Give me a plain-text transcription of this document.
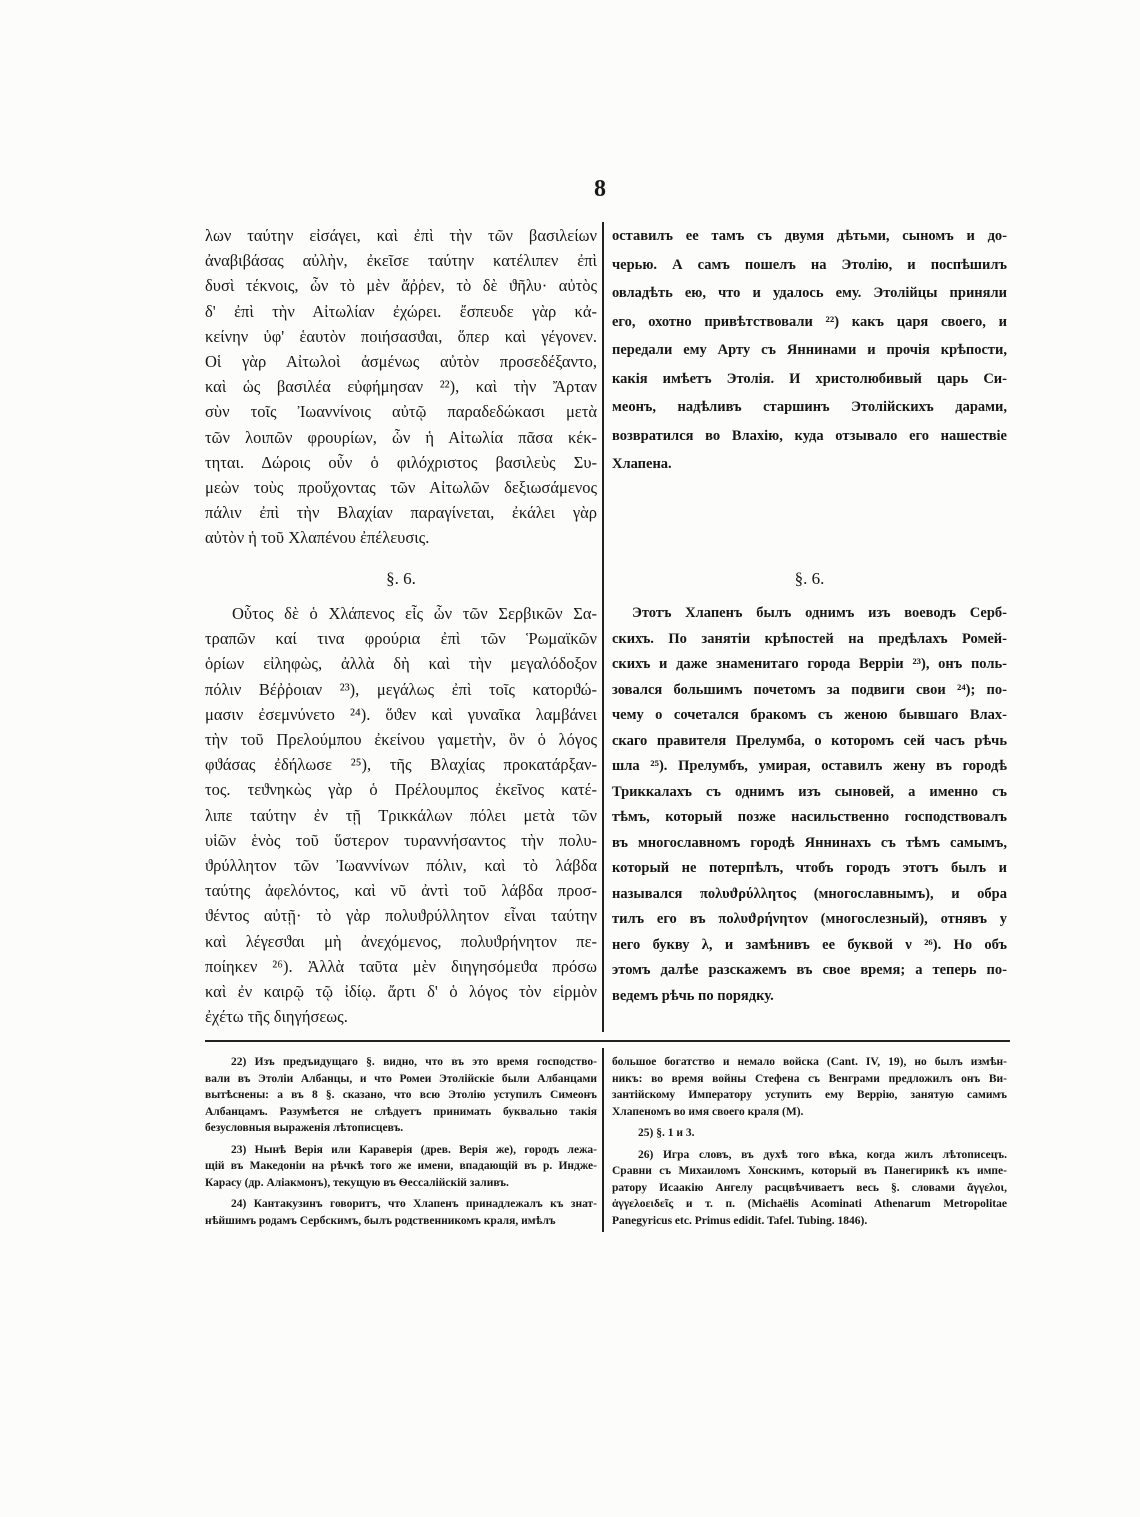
8
λων ταύτην εἰσάγει, καὶ ἐπὶ τὴν τῶν βασιλείων
ἀναβιβάσας αὐλὴν, ἐκεῖσε ταύτην κατέλιπεν ἐπὶ
δυσὶ τέκνοις, ὧν τὸ μὲν ἄῤῥεν, τὸ δὲ ϑῆλυ· αὐτὸς
δ' ἐπὶ τὴν Αἰτωλίαν ἐχώρει. ἔσπευδε γὰρ κἀ-
κείνην ὑφ' ἑαυτὸν ποιήσασϑαι, ὅπερ καὶ γέγονεν.
Οἱ γὰρ Αἰτωλοὶ ἀσμένως αὐτὸν προσεδέξαντο,
καὶ ὡς βασιλέα εὐφήμησαν ²²), καὶ τὴν Ἄρταν
σὺν τοῖς Ἰωαννίνοις αὐτῷ παραδεδώκασι μετὰ
τῶν λοιπῶν φρουρίων, ὧν ἡ Αἰτωλία πᾶσα κέκ-
τηται. Δώροις οὖν ὁ φιλόχριστος βασιλεὺς Συ-
μεὼν τοὺς προὔχοντας τῶν Αἰτωλῶν δεξιωσάμενος
πάλιν ἐπὶ τὴν Βλαχίαν παραγίνεται, ἐκάλει γὰρ
αὐτὸν ἡ τοῦ Χλαπένου ἐπέλευσις.
§. 6.
Οὗτος δὲ ὁ Χλάπενος εἷς ὧν τῶν Σερβικῶν Σα-
τραπῶν καί τινα φρούρια ἐπὶ τῶν Ῥωμαϊκῶν
ὁρίων εἰληφὼς, ἀλλὰ δὴ καὶ τὴν μεγαλόδοξον
πόλιν Βέῤῥοιαν ²³), μεγάλως ἐπὶ τοῖς κατορϑώ-
μασιν ἐσεμνύνετο ²⁴). ὅϑεν καὶ γυναῖκα λαμβάνει
τὴν τοῦ Πρελούμπου ἐκείνου γαμετὴν, ὃν ὁ λόγος
φϑάσας ἐδήλωσε ²⁵), τῆς Βλαχίας προκατάρξαν-
τος. τεϑνηκὼς γὰρ ὁ Πρέλουμπος ἐκεῖνος κατέ-
λιπε ταύτην ἐν τῇ Τρικκάλων πόλει μετὰ τῶν
υἱῶν ἑνὸς τοῦ ὕστερον τυραννήσαντος τὴν πολυ-
ϑρύλλητον τῶν Ἰωαννίνων πόλιν, καὶ τὸ λάβδα
ταύτης ἀφελόντος, καὶ νῦ ἀντὶ τοῦ λάβδα προσ-
ϑέντος αὐτῇ· τὸ γὰρ πολυϑρύλλητον εἶναι ταύτην
καὶ λέγεσϑαι μὴ ἀνεχόμενος, πολυϑρήνητον πε-
ποίηκεν ²⁶). Ἀλλὰ ταῦτα μὲν διηγησόμεϑα πρόσω
καὶ ἐν καιρῷ τῷ ἰδίῳ. ἄρτι δ' ὁ λόγος τὸν εἱρμὸν
ἐχέτω τῆς διηγήσεως.
оставилъ ее тамъ съ двумя дѣтьми, сыномъ и до-
черью. А самъ пошелъ на Этолію, и поспѣшилъ
овладѣть ею, что и удалось ему. Этолійцы приняли
его, охотно привѣтствовали ²²) какъ царя своего, и
передали ему Арту съ Яннинами и прочія крѣпости,
какія имѣетъ Этолія. И христолюбивый царь Си-
меонъ, надѣливъ старшинъ Этолійскихъ дарами,
возвратился во Влахію, куда отзывало его нашествіе
Хлапена.
§. 6.
Этотъ Хлапенъ былъ однимъ изъ воеводъ Серб-
скихъ. По занятіи крѣпостей на предѣлахъ Ромей-
скихъ и даже знаменитаго города Верріи ²³), онъ поль-
зовался большимъ почетомъ за подвиги свои ²⁴); по-
чему о сочетался бракомъ съ женою бывшаго Влах-
скаго правителя Прелумба, о которомъ сей часъ рѣчь
шла ²⁵). Прелумбъ, умирая, оставилъ жену въ городѣ
Триккалахъ съ однимъ изъ сыновей, а именно съ
тѣмъ, который позже насильственно господствовалъ
въ многославномъ городѣ Яннинахъ съ тѣмъ самымъ,
который не потерпѣлъ, чтобъ городъ этотъ былъ и
назывался πολυϑρύλλητος (многославнымъ), и обра
тилъ его въ πολυϑρήνητον (многослезный), отнявъ у
него букву λ, и замѣнивъ ее буквой ν ²⁶). Но объ
этомъ далѣе разскажемъ въ свое время; а теперь по-
ведемъ рѣчь по порядку.
22) Изъ предъидущаго §. видно, что въ это время господство-
вали въ Этоліи Албанцы, и что Ромеи Этолійскіе были Албанцами
вытѣснены: а въ 8 §. сказано, что всю Этолію уступилъ Симеонъ
Албанцамъ. Разумѣется не слѣдуетъ принимать буквально такія
безусловныя выраженія лѣтописцевъ.
23) Нынѣ Верія или Караверія (древ. Верія же), городъ лежа-
щій въ Македоніи на рѣчкѣ того же имени, впадающій въ р. Индже-
Карасу (др. Аліакмонъ), текущую въ Ѳессалійскій заливъ.
24) Кантакузинъ говоритъ, что Хлапенъ принадлежалъ къ знат-
нѣйшимъ родамъ Сербскимъ, былъ родственникомъ краля, имѣлъ
большое богатство и немало войска (Cant. IV, 19), но былъ измѣн-
никъ: во время войны Стефена съ Венграми предложилъ онъ Ви-
зантійскому Императору уступить ему Веррію, занятую самимъ
Хлапеномъ во имя своего краля (М).
25) §. 1 и 3.
26) Игра словъ, въ духѣ того вѣка, когда жилъ лѣтописецъ.
Сравни съ Михаиломъ Хонскимъ, который въ Панегирикѣ къ импе-
ратору Исаакію Ангелу расцвѣчиваетъ весь §. словами ἄγγελοι,
ἀγγελοειδεῖς и т. п. (Michaëlis Acominati Athenarum Metropolitae
Panegyricus etc. Primus edidit. Tafel. Tubing. 1846).
